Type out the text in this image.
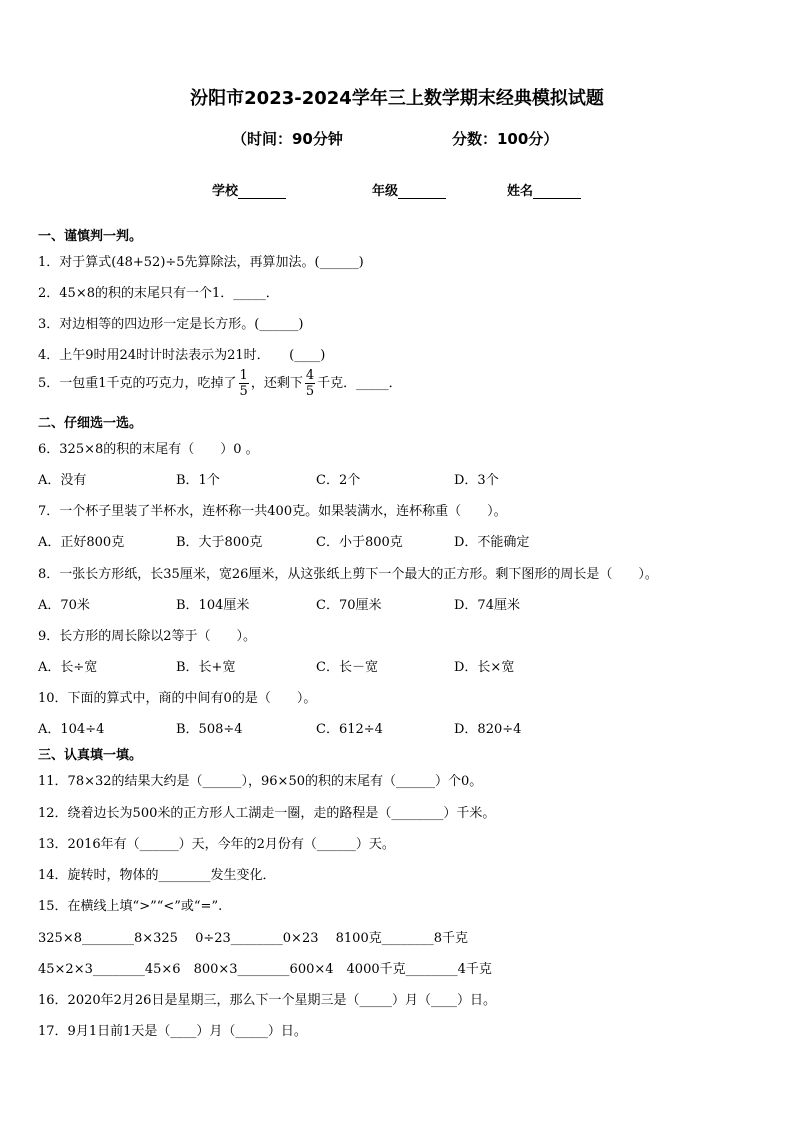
汾阳市2023-2024学年三上数学期末经典模拟试题
（时间：90分钟	分数：100分）
学校	年级	姓名
一、谨慎判一判。
1．对于算式(48+52)÷5先算除法，再算加法。(______)
2．45×8的积的末尾只有一个1．_____．
3．对边相等的四边形一定是长方形。(______)
4．上午9时用24时计时法表示为21时．　　(____)
5．一包重1千克的巧克力，吃掉了 $\frac{1}{5}$ ，还剩下 $\frac{4}{5}$ 千克．_____．
二、仔细选一选。
6．325×8的积的末尾有（　　）0 。
A．没有	B．1个	C．2个	D．3个
7．一个杯子里装了半杯水，连杯称一共400克。如果装满水，连杯称重（　　）。
A．正好800克	B．大于800克	C．小于800克	D．不能确定
8．一张长方形纸，长35厘米，宽26厘米，从这张纸上剪下一个最大的正方形。剩下图形的周长是（　　）。
A．70米	B．104厘米	C．70厘米	D．74厘米
9．长方形的周长除以2等于（　　）。
A．长÷宽	B．长+宽	C．长－宽	D．长×宽
10．下面的算式中，商的中间有0的是（　　）。
A．104÷4	B．508÷4	C．612÷4	D．820÷4
三、认真填一填。
11．78×32的结果大约是（______），96×50的积的末尾有（______）个0。
12．绕着边长为500米的正方形人工湖走一圈，走的路程是（________）千米。
13．2016年有（______）天，今年的2月份有（______）天。
14．旋转时，物体的________发生变化．
15．在横线上填“>”“<”或“=”.
325×8________8×325　 0÷23________0×23　 8100克________8千克
45×2×3________45×6　800×3________600×4　4000千克________4千克
16．2020年2月26日是星期三，那么下一个星期三是（_____）月（____）日。
17．9月1日前1天是（____）月（_____）日。
